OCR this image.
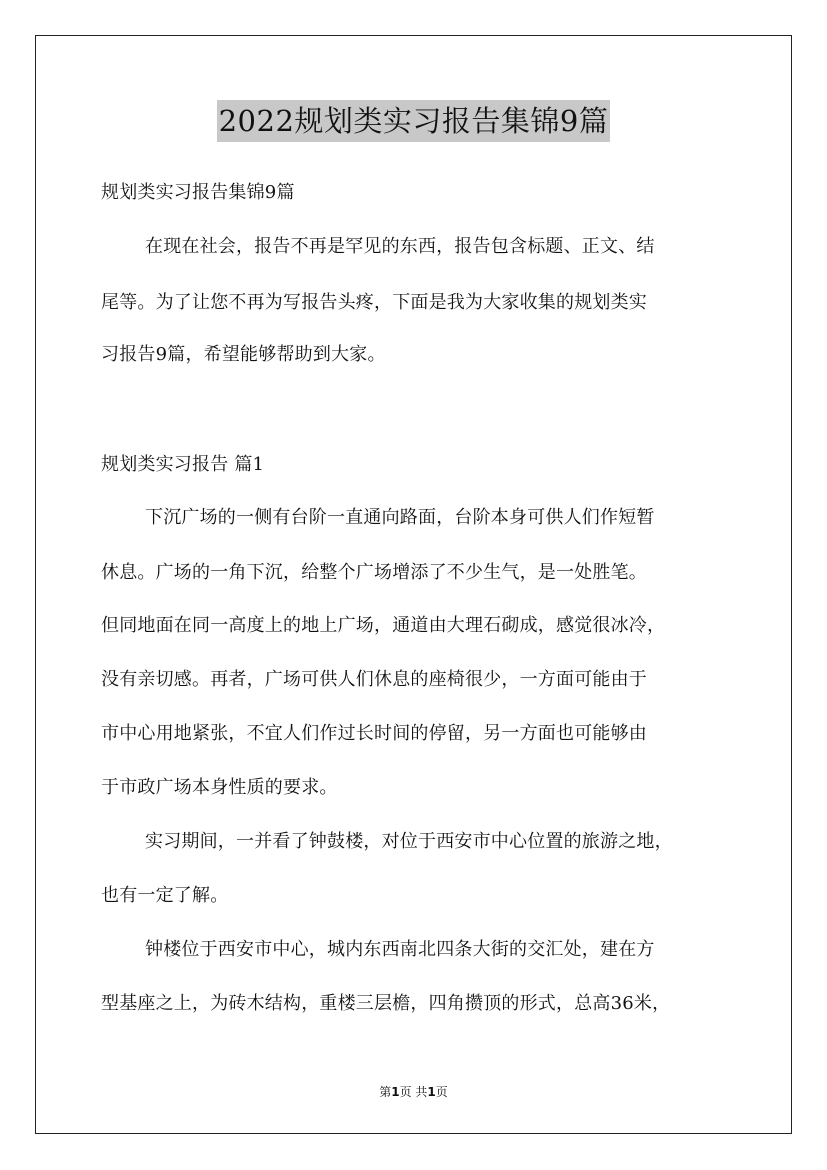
2022规划类实习报告集锦9篇
规划类实习报告集锦9篇
在现在社会，报告不再是罕见的东西，报告包含标题、正文、结
尾等。为了让您不再为写报告头疼，下面是我为大家收集的规划类实
习报告9篇，希望能够帮助到大家。
规划类实习报告 篇1
下沉广场的一侧有台阶一直通向路面，台阶本身可供人们作短暂
休息。广场的一角下沉，给整个广场增添了不少生气，是一处胜笔。
但同地面在同一高度上的地上广场，通道由大理石砌成，感觉很冰冷，
没有亲切感。再者，广场可供人们休息的座椅很少，一方面可能由于
市中心用地紧张，不宜人们作过长时间的停留，另一方面也可能够由
于市政广场本身性质的要求。
实习期间，一并看了钟鼓楼，对位于西安市中心位置的旅游之地，
也有一定了解。
钟楼位于西安市中心，城内东西南北四条大街的交汇处，建在方
型基座之上，为砖木结构，重楼三层檐，四角攒顶的形式，总高36米，
第1页 共1页
